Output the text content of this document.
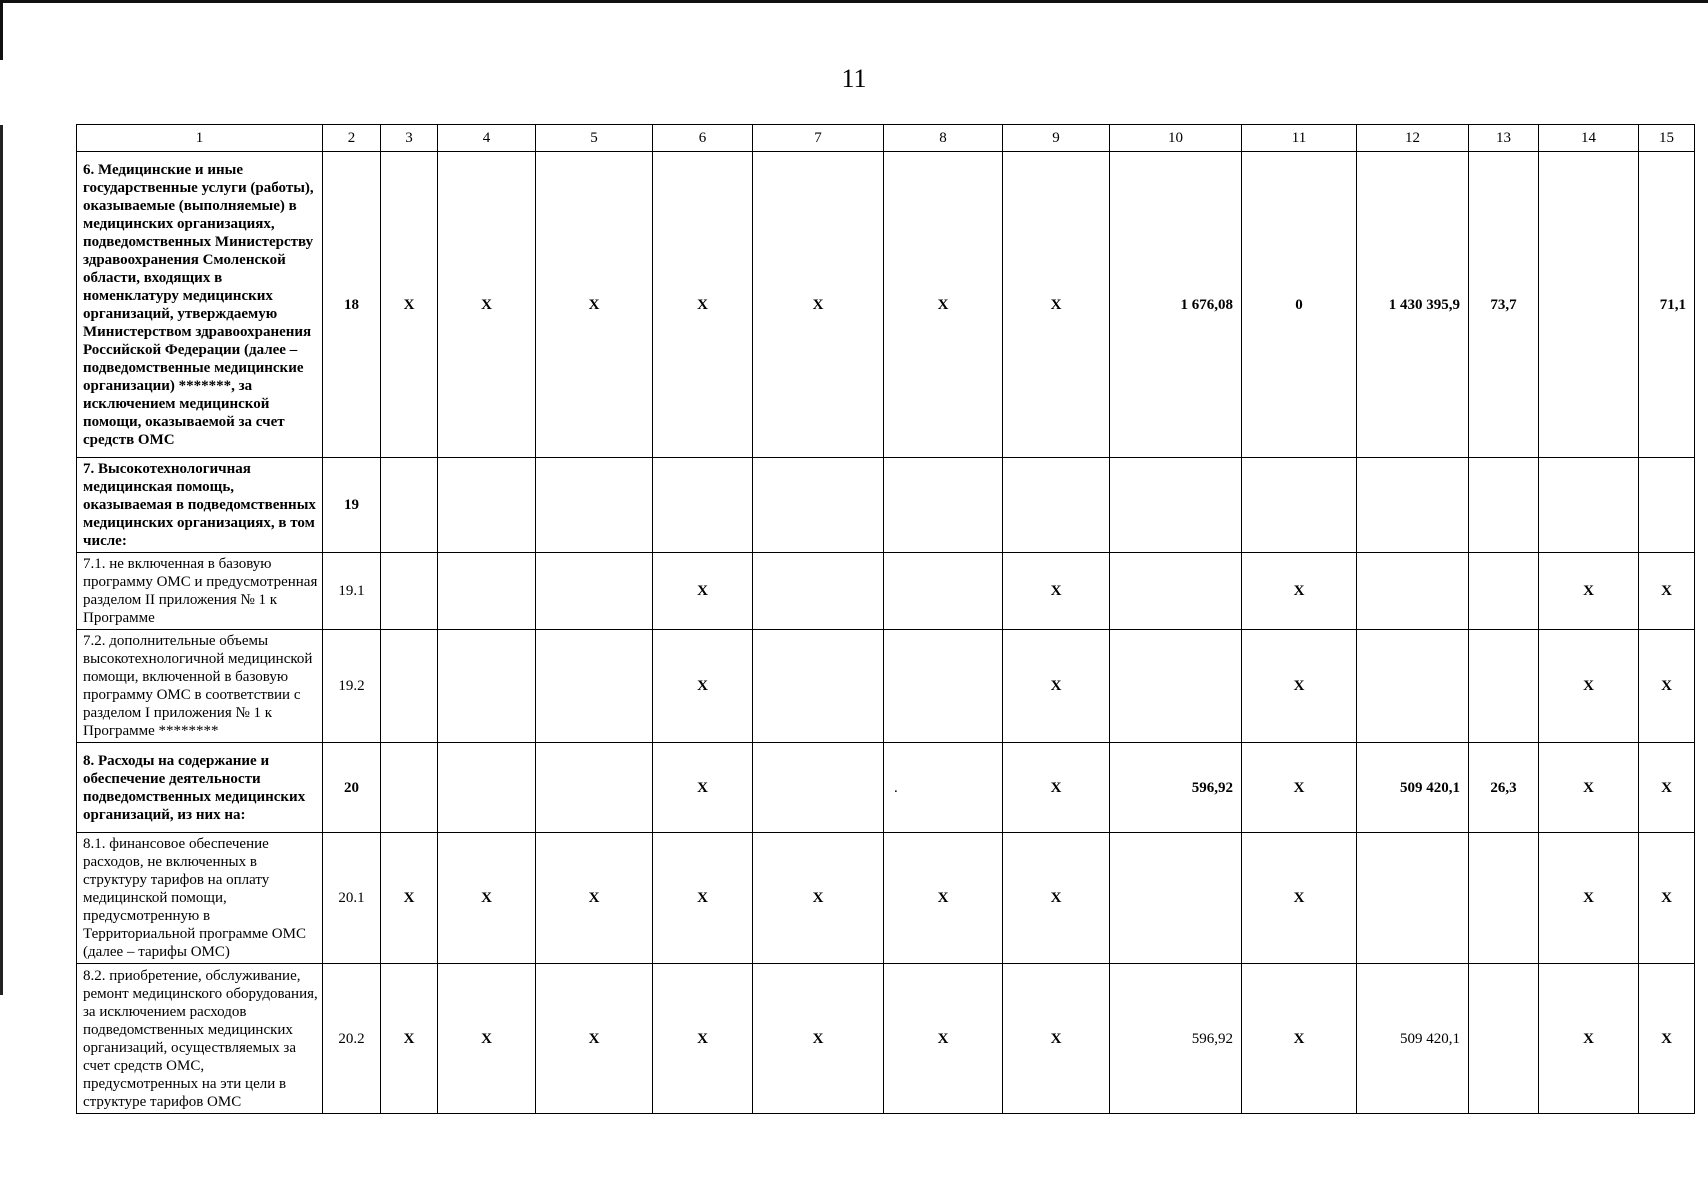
11
1	2	3	4	5	6	7	8	9	10	11	12	13	14	15
6. Медицинские и иные государственные услуги (работы), оказываемые (выполняемые) в медицинских организациях, подведомственных Министерству здравоохранения Смоленской области, входящих в номенклатуру медицинских организаций, утверждаемую Министерством здравоохранения Российской Федерации (далее – подведомственные медицинские организации) *******, за исключением медицинской помощи, оказываемой за счет средств ОМС	18	X	X	X	X	X	X	X	1 676,08	0	1 430 395,9	73,7		71,1
7. Высокотехнологичная медицинская помощь, оказываемая в подведомственных медицинских организациях, в том числе:	19													
7.1. не включенная в базовую программу ОМС и предусмотренная разделом II приложения № 1 к Программе	19.1				X			X		X			X	X
7.2. дополнительные объемы высокотехнологичной медицинской помощи, включенной в базовую программу ОМС в соответствии с разделом I приложения № 1 к Программе ********	19.2				X			X		X			X	X
8. Расходы на содержание и обеспечение деятельности подведомственных медицинских организаций, из них на:	20				X		.	X	596,92	X	509 420,1	26,3	X	X
8.1. финансовое обеспечение расходов, не включенных в структуру тарифов на оплату медицинской помощи, предусмотренную в Территориальной программе ОМС (далее – тарифы ОМС)	20.1	X	X	X	X	X	X	X		X			X	X
8.2. приобретение, обслуживание, ремонт медицинского оборудования, за исключением расходов подведомственных медицинских организаций, осуществляемых за счет средств ОМС, предусмотренных на эти цели в структуре тарифов ОМС	20.2	X	X	X	X	X	X	X	596,92	X	509 420,1		X	X
